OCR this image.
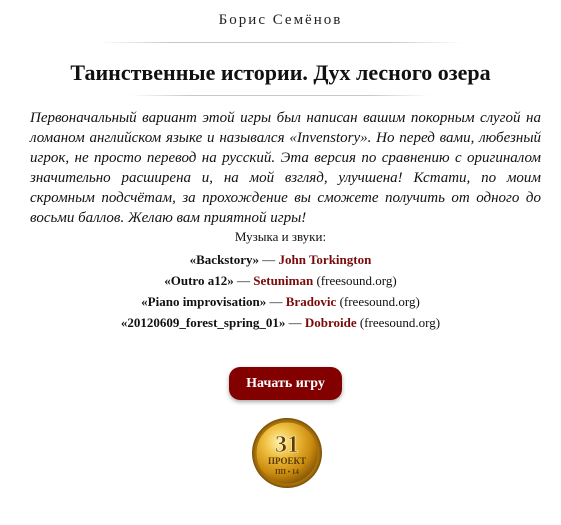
Борис Семёнов
Таинственные истории. Дух лесного озера
Первоначальный вариант этой игры был написан вашим покорным слугой на ломаном английском языке и назывался «Invenstory». Но перед вами, любезный игрок, не просто перевод на русский. Эта версия по сравнению с оригиналом значительно расширена и, на мой взгляд, улучшена! Кстати, по моим скромным подсчётам, за прохождение вы сможете получить от одного до восьми баллов. Желаю вам приятной игры!
Музыка и звуки:
«Backstory» — John Torkington
«Outro a12» — Setuniman (freesound.org)
«Piano improvisation» — Bradovic (freesound.org)
«20120609_forest_spring_01» — Dobroide (freesound.org)
Начать игру
31
ПРОЕКТ
ПП • 14
